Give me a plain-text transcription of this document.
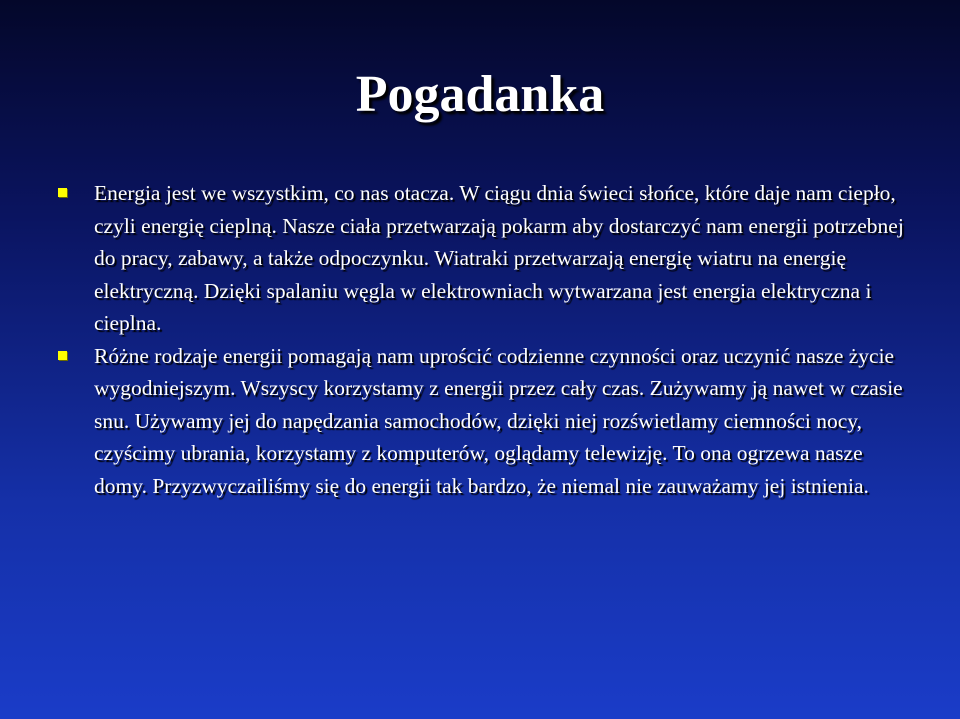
Pogadanka
Energia jest we wszystkim, co nas otacza. W ciągu dnia świeci słońce, które daje nam ciepło, czyli energię cieplną. Nasze ciała przetwarzają pokarm aby dostarczyć nam energii potrzebnej do pracy, zabawy, a także odpoczynku. Wiatraki przetwarzają energię wiatru na energię elektryczną. Dzięki spalaniu węgla w elektrowniach wytwarzana jest energia elektryczna i cieplna.
Różne rodzaje energii pomagają nam uprościć codzienne czynności oraz uczynić nasze życie wygodniejszym. Wszyscy korzystamy z energii przez cały czas. Zużywamy ją nawet w czasie snu. Używamy jej do napędzania samochodów, dzięki niej rozświetlamy ciemności nocy, czyścimy ubrania, korzystamy z komputerów, oglądamy telewizję. To ona ogrzewa nasze domy. Przyzwyczailiśmy się do energii tak bardzo, że niemal nie zauważamy jej istnienia.
